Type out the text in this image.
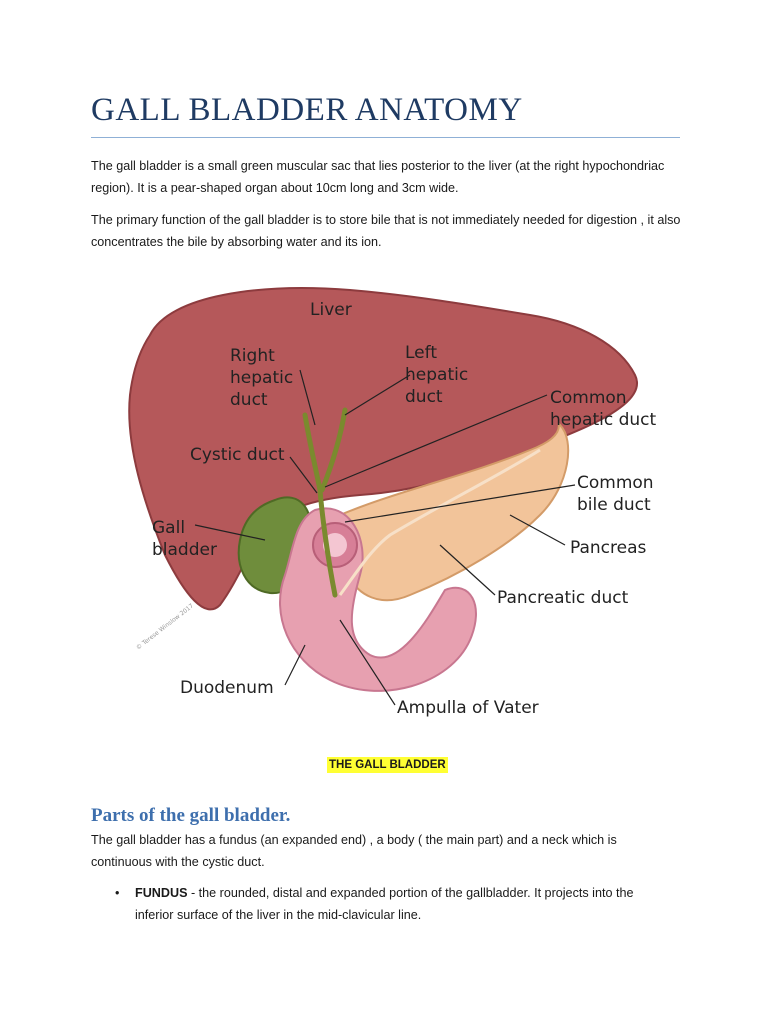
GALL BLADDER ANATOMY

The gall bladder is a small green muscular sac that lies posterior to the liver (at the right hypochondriac region). It is a pear-shaped organ about 10cm long and 3cm wide.

The primary function of the gall bladder is to store bile that is not immediately needed for digestion , it also concentrates the bile by absorbing water and its ion.

Liver
Right
hepatic
duct
Left
hepatic
duct	Common
hepatic duct
Cystic duct
Common
bile duct
Gall
bladder	Pancreas
Pancreatic duct
Duodenum
Ampulla of Vater
© Terese Winslow 2017
THE GALL BLADDER
Parts of the gall bladder.

The gall bladder has a fundus (an expanded end) , a body ( the main part) and a neck which is continuous with the cystic duct.

• FUNDUS - the rounded, distal and expanded portion of the gallbladder. It projects into the inferior surface of the liver in the mid-clavicular line.
